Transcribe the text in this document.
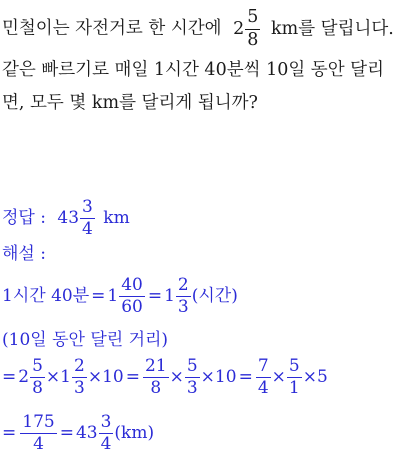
민철이는 자전거로 한 시간에 $2 \frac{5}{8}$ km를 달립니다.
같은 빠르기로 매일 1시간 40분씩 10일 동안 달리
면, 모두 몇 km를 달리게 됩니까?
정답 : $43 \frac{3}{4}$ km
해설 :
1시간 40분 = $1 \frac{40}{60} = 1 \frac{2}{3}$ (시간)
(10일 동안 달린 거리)
= $2 \frac{5}{8} \times 1 \frac{2}{3} \times 10 = \frac{21}{8} \times \frac{5}{3} \times 10 = \frac{7}{4} \times \frac{5}{1} \times 5$
= $\frac{175}{4} = 43 \frac{3}{4} (km)$
